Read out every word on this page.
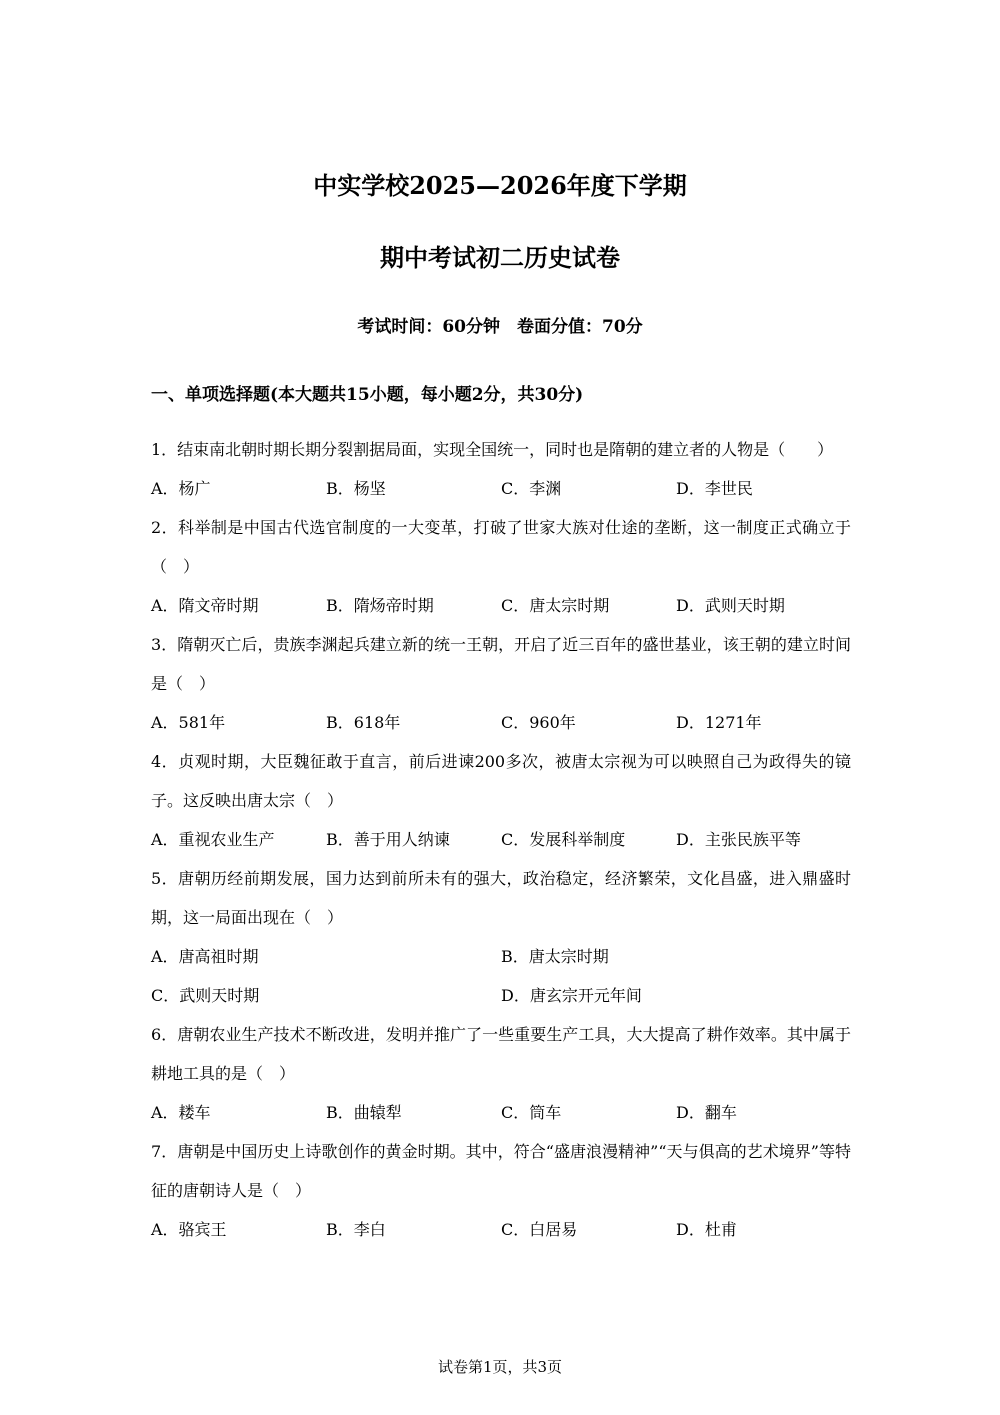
中实学校2025—2026年度下学期
期中考试初二历史试卷
考试时间：60分钟　卷面分值：70分
一、单项选择题(本大题共15小题，每小题2分，共30分)

1．结束南北朝时期长期分裂割据局面，实现全国统一，同时也是隋朝的建立者的人物是（　　）

A．杨广	B．杨坚	C．李渊	D．李世民

2．科举制是中国古代选官制度的一大变革，打破了世家大族对仕途的垄断，这一制度正式确立于（　）

A．隋文帝时期	B．隋炀帝时期	C．唐太宗时期	D．武则天时期

3．隋朝灭亡后，贵族李渊起兵建立新的统一王朝，开启了近三百年的盛世基业，该王朝的建立时间是（　）

A．581年	B．618年	C．960年	D．1271年

4．贞观时期，大臣魏征敢于直言，前后进谏200多次，被唐太宗视为可以映照自己为政得失的镜子。这反映出唐太宗（　）

A．重视农业生产	B．善于用人纳谏	C．发展科举制度	D．主张民族平等

5．唐朝历经前期发展，国力达到前所未有的强大，政治稳定，经济繁荣，文化昌盛，进入鼎盛时期，这一局面出现在（　）

A．唐高祖时期	B．唐太宗时期
C．武则天时期	D．唐玄宗开元年间

6．唐朝农业生产技术不断改进，发明并推广了一些重要生产工具，大大提高了耕作效率。其中属于耕地工具的是（　）

A．耧车	B．曲辕犁	C．筒车	D．翻车

7．唐朝是中国历史上诗歌创作的黄金时期。其中，符合“盛唐浪漫精神”“天与俱高的艺术境界”等特征的唐朝诗人是（　）

A．骆宾王	B．李白	C．白居易	D．杜甫
试卷第1页，共3页
